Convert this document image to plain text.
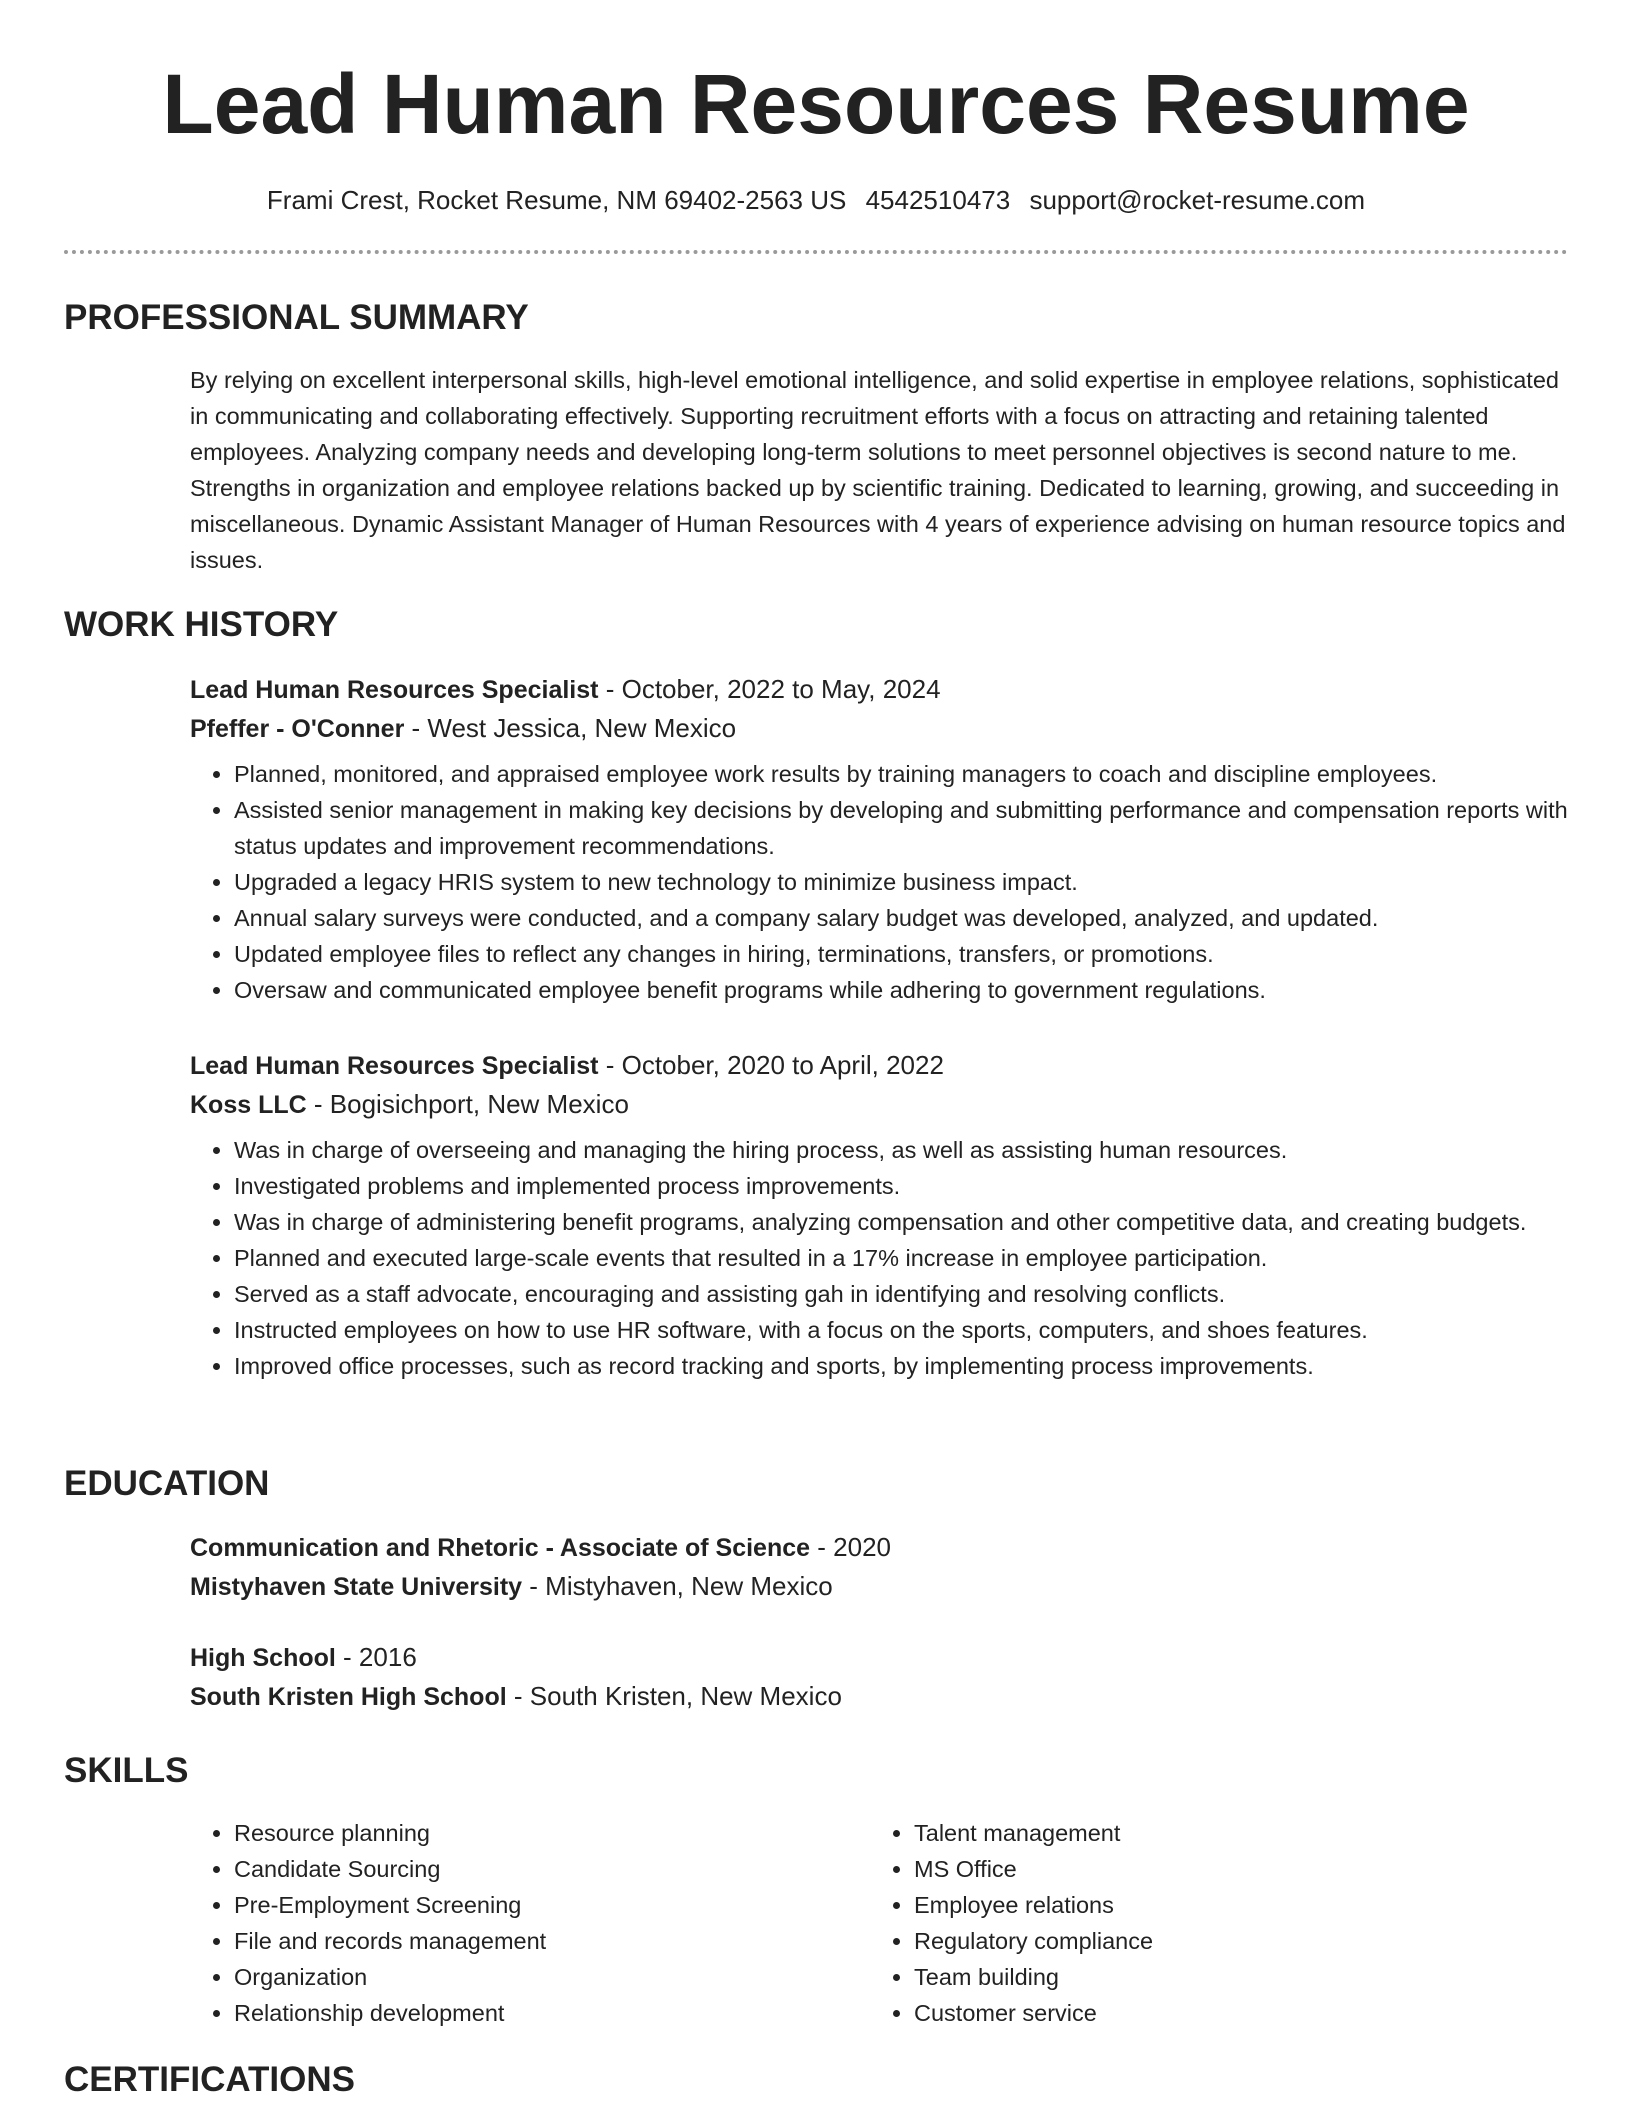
Lead Human Resources Resume
Frami Crest, Rocket Resume, NM 69402-2563 US 4542510473 support@rocket-resume.com
PROFESSIONAL SUMMARY

By relying on excellent interpersonal skills, high-level emotional intelligence, and solid expertise in employee relations, sophisticated in communicating and collaborating effectively. Supporting recruitment efforts with a focus on attracting and retaining talented employees. Analyzing company needs and developing long-term solutions to meet personnel objectives is second nature to me. Strengths in organization and employee relations backed up by scientific training. Dedicated to learning, growing, and succeeding in miscellaneous. Dynamic Assistant Manager of Human Resources with 4 years of experience advising on human resource topics and issues.

WORK HISTORY
Lead Human Resources Specialist - October, 2022 to May, 2024
Pfeffer - O'Conner - West Jessica, New Mexico
• Planned, monitored, and appraised employee work results by training managers to coach and discipline employees.
• Assisted senior management in making key decisions by developing and submitting performance and compensation reports with status updates and improvement recommendations.
• Upgraded a legacy HRIS system to new technology to minimize business impact.
• Annual salary surveys were conducted, and a company salary budget was developed, analyzed, and updated.
• Updated employee files to reflect any changes in hiring, terminations, transfers, or promotions.
• Oversaw and communicated employee benefit programs while adhering to government regulations.
Lead Human Resources Specialist - October, 2020 to April, 2022
Koss LLC - Bogisichport, New Mexico
• Was in charge of overseeing and managing the hiring process, as well as assisting human resources.
• Investigated problems and implemented process improvements.
• Was in charge of administering benefit programs, analyzing compensation and other competitive data, and creating budgets.
• Planned and executed large-scale events that resulted in a 17% increase in employee participation.
• Served as a staff advocate, encouraging and assisting gah in identifying and resolving conflicts.
• Instructed employees on how to use HR software, with a focus on the sports, computers, and shoes features.
• Improved office processes, such as record tracking and sports, by implementing process improvements.
EDUCATION
Communication and Rhetoric - Associate of Science - 2020
Mistyhaven State University - Mistyhaven, New Mexico
High School - 2016
South Kristen High School - South Kristen, New Mexico
SKILLS
• Resource planning
• Candidate Sourcing
• Pre-Employment Screening
• File and records management
• Organization
• Relationship development
• Talent management
• MS Office
• Employee relations
• Regulatory compliance
• Team building
• Customer service
CERTIFICATIONS
